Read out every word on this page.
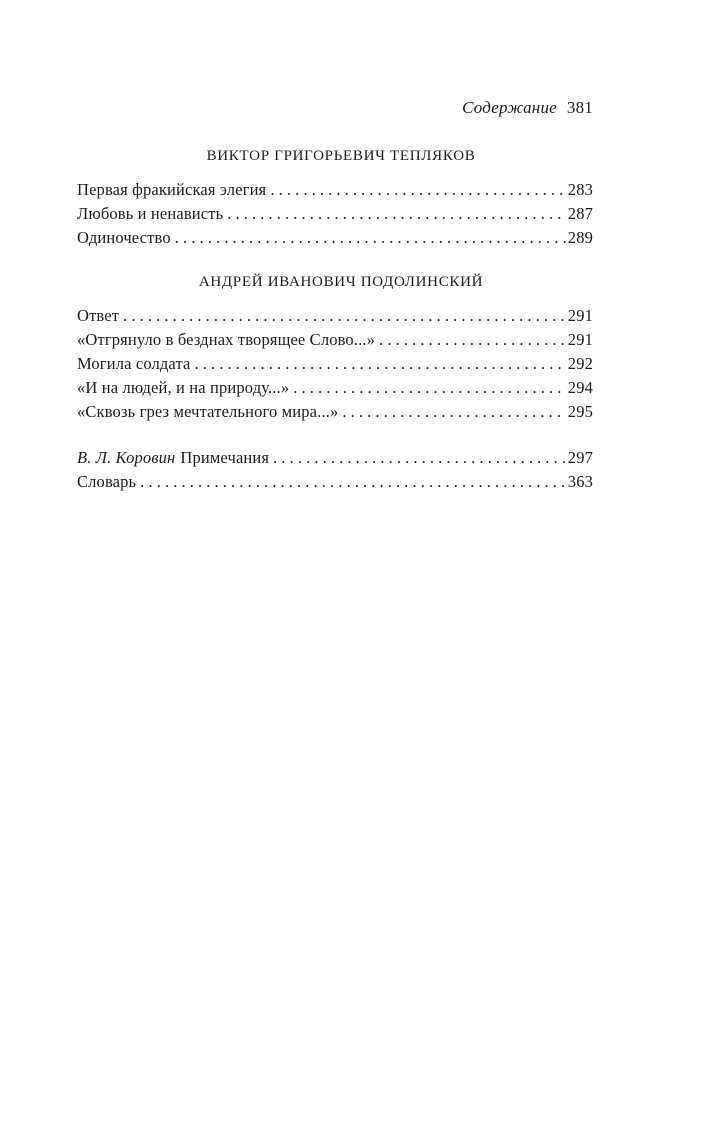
Содержание 381
ВИКТОР ГРИГОРЬЕВИЧ ТЕПЛЯКОВ
Первая фракийская элегия . . .	283
Любовь и ненависть . . .	287
Одиночество . . .	289
АНДРЕЙ ИВАНОВИЧ ПОДОЛИНСКИЙ
Ответ . . .	291
«Отгрянуло в безднах творящее Слово...» . . .	291
Могила солдата . . .	292
«И на людей, и на природу...» . . .	294
«Сквозь грез мечтательного мира...» . . .	295
В. Л. Коровин Примечания . . .	297
Словарь . . .	363
